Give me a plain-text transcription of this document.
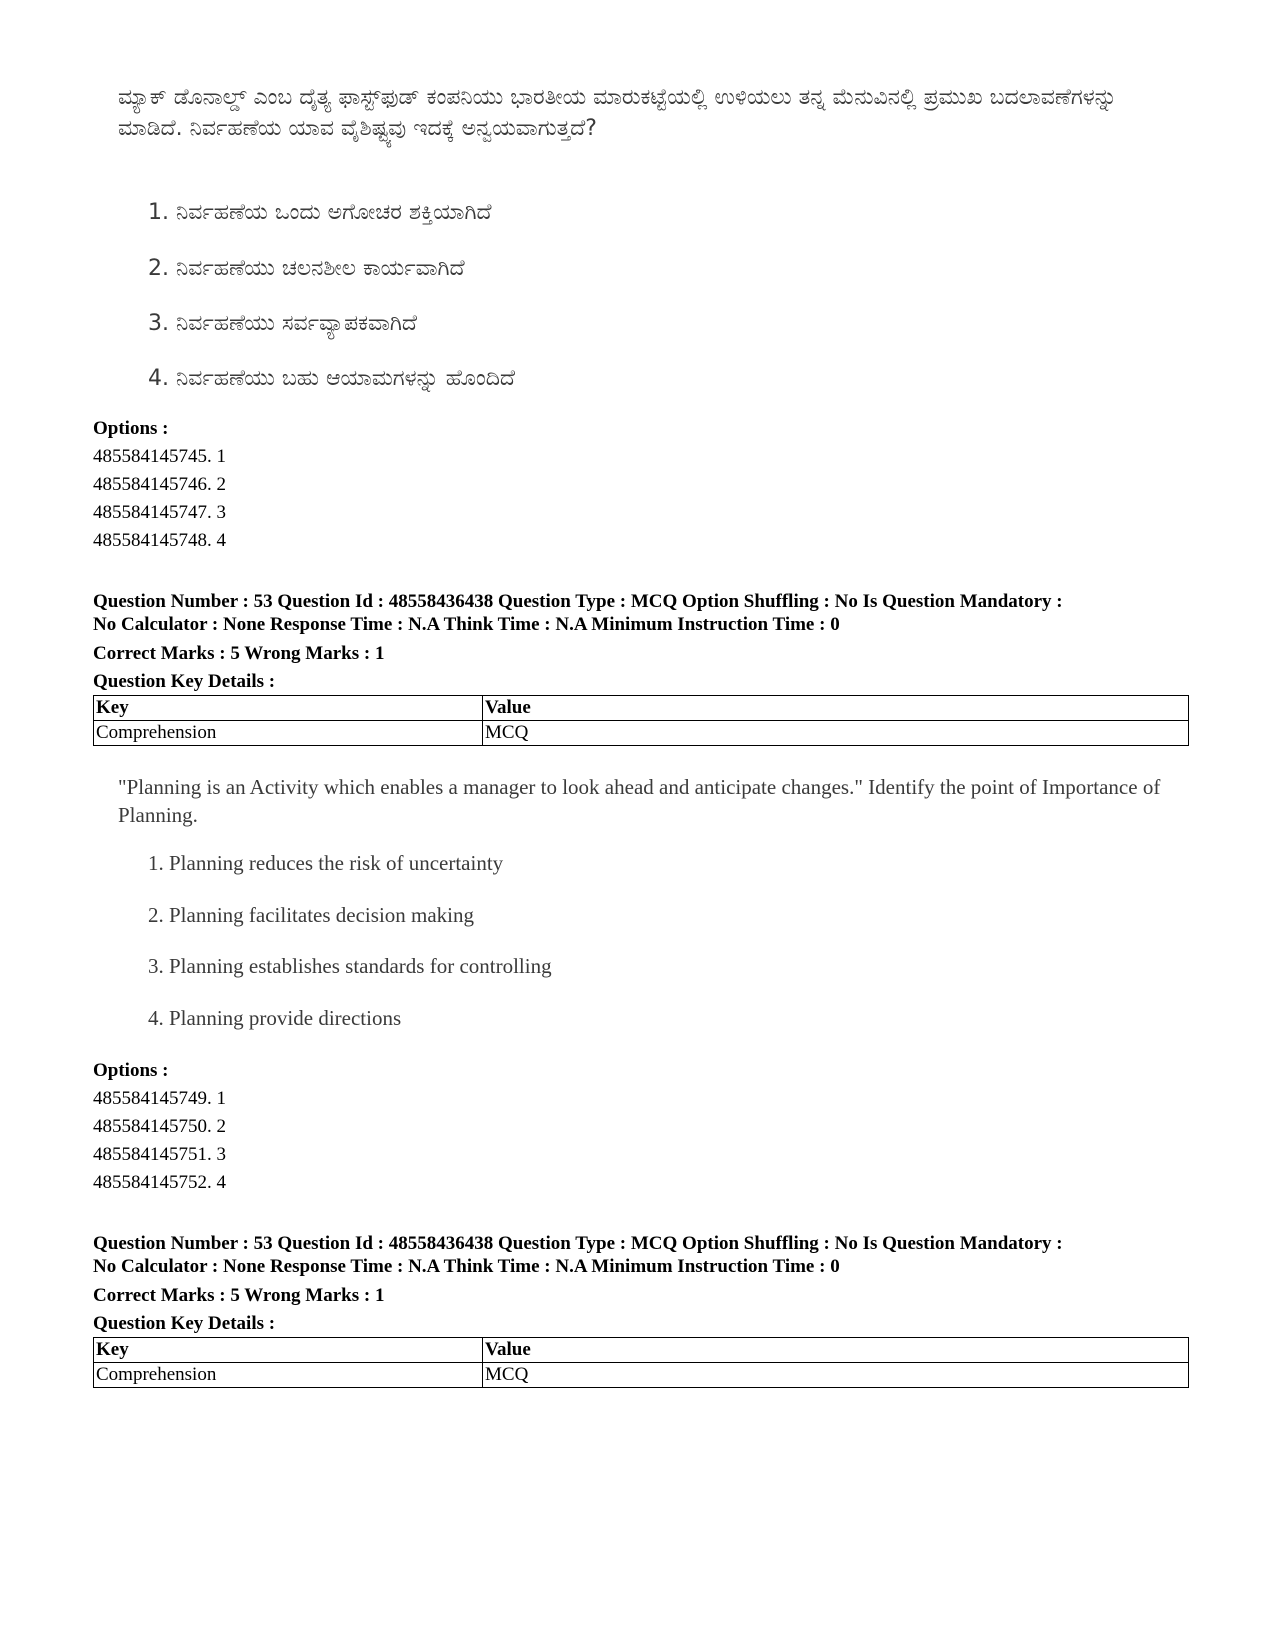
ಮ್ಯಾಕ್ ಡೊನಾಲ್ಡ್ ಎಂಬ ದೈತ್ಯ ಫಾಸ್ಟ್‌ಫುಡ್ ಕಂಪನಿಯು ಭಾರತೀಯ ಮಾರುಕಟ್ಟೆಯಲ್ಲಿ ಉಳಿಯಲು ತನ್ನ ಮೆನುವಿನಲ್ಲಿ ಪ್ರಮುಖ ಬದಲಾವಣೆಗಳನ್ನು ಮಾಡಿದೆ. ನಿರ್ವಹಣೆಯ ಯಾವ ವೈಶಿಷ್ಟ್ಯವು ಇದಕ್ಕೆ ಅನ್ವಯವಾಗುತ್ತದೆ?

1. ನಿರ್ವಹಣೆಯ ಒಂದು ಅಗೋಚರ ಶಕ್ತಿಯಾಗಿದೆ
2. ನಿರ್ವಹಣೆಯು ಚಲನಶೀಲ ಕಾರ್ಯವಾಗಿದೆ
3. ನಿರ್ವಹಣೆಯು ಸರ್ವವ್ಯಾಪಕವಾಗಿದೆ
4. ನಿರ್ವಹಣೆಯು ಬಹು ಆಯಾಮಗಳನ್ನು ಹೊಂದಿದೆ
Options :
485584145745. 1
485584145746. 2
485584145747. 3
485584145748. 4

Question Number : 53 Question Id : 48558436438 Question Type : MCQ Option Shuffling : No Is Question Mandatory :

No Calculator : None Response Time : N.A Think Time : N.A Minimum Instruction Time : 0

Correct Marks : 5 Wrong Marks : 1

Question Key Details :

Key	Value
Comprehension	MCQ

"Planning is an Activity which enables a manager to look ahead and anticipate changes." Identify the point of Importance of Planning.

1. Planning reduces the risk of uncertainty
2. Planning facilitates decision making
3. Planning establishes standards for controlling
4. Planning provide directions
Options :
485584145749. 1
485584145750. 2
485584145751. 3
485584145752. 4

Question Number : 53 Question Id : 48558436438 Question Type : MCQ Option Shuffling : No Is Question Mandatory :

No Calculator : None Response Time : N.A Think Time : N.A Minimum Instruction Time : 0

Correct Marks : 5 Wrong Marks : 1

Question Key Details :

Key	Value
Comprehension	MCQ
